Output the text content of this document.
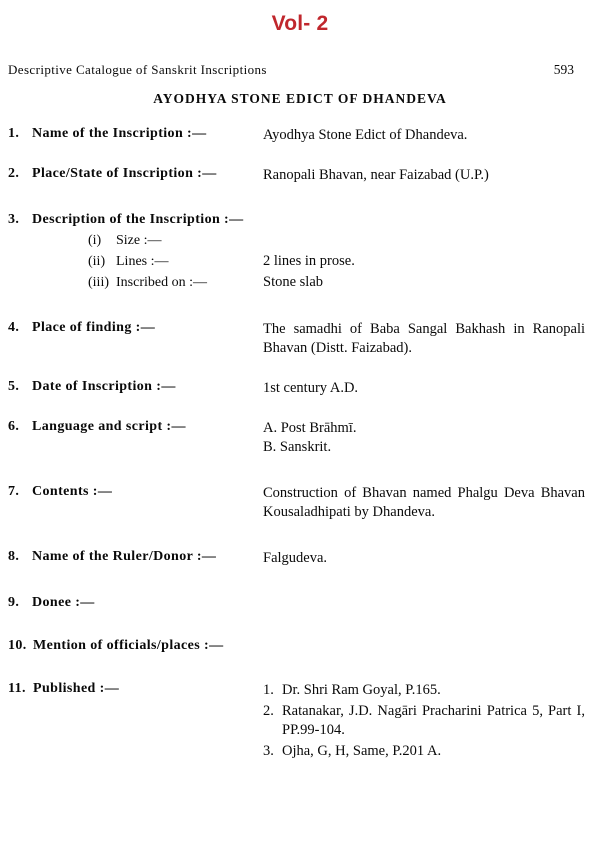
Vol- 2
Descriptive Catalogue of Sanskrit Inscriptions	593
AYODHYA STONE EDICT OF DHANDEVA
1. Name of the Inscription :—	Ayodhya Stone Edict of Dhandeva.
2. Place/State of Inscription :—	Ranopali Bhavan, near Faizabad (U.P.)
3. Description of the Inscription :—
(i) Size :—
(ii) Lines :—	2 lines in prose.
(iii) Inscribed on :—	Stone slab
4. Place of finding :—	The samadhi of Baba Sangal Bakhash in Ranopali Bhavan (Distt. Faizabad).
5. Date of Inscription :—	1st century A.D.
6. Language and script :—	A. Post Brāhmī.
B. Sanskrit.
7. Contents :—	Construction of Bhavan named Phalgu Deva Bhavan Kousaladhipati by Dhandeva.
8. Name of the Ruler/Donor :—	Falgudeva.
9. Donee :—
10. Mention of officials/places :—
11. Published :—	1. Dr. Shri Ram Goyal, P.165.
2. Ratanakar, J.D. Nagāri Pracharini Patrica 5, Part I, PP.99-104.
3. Ojha, G, H, Same, P.201 A.
